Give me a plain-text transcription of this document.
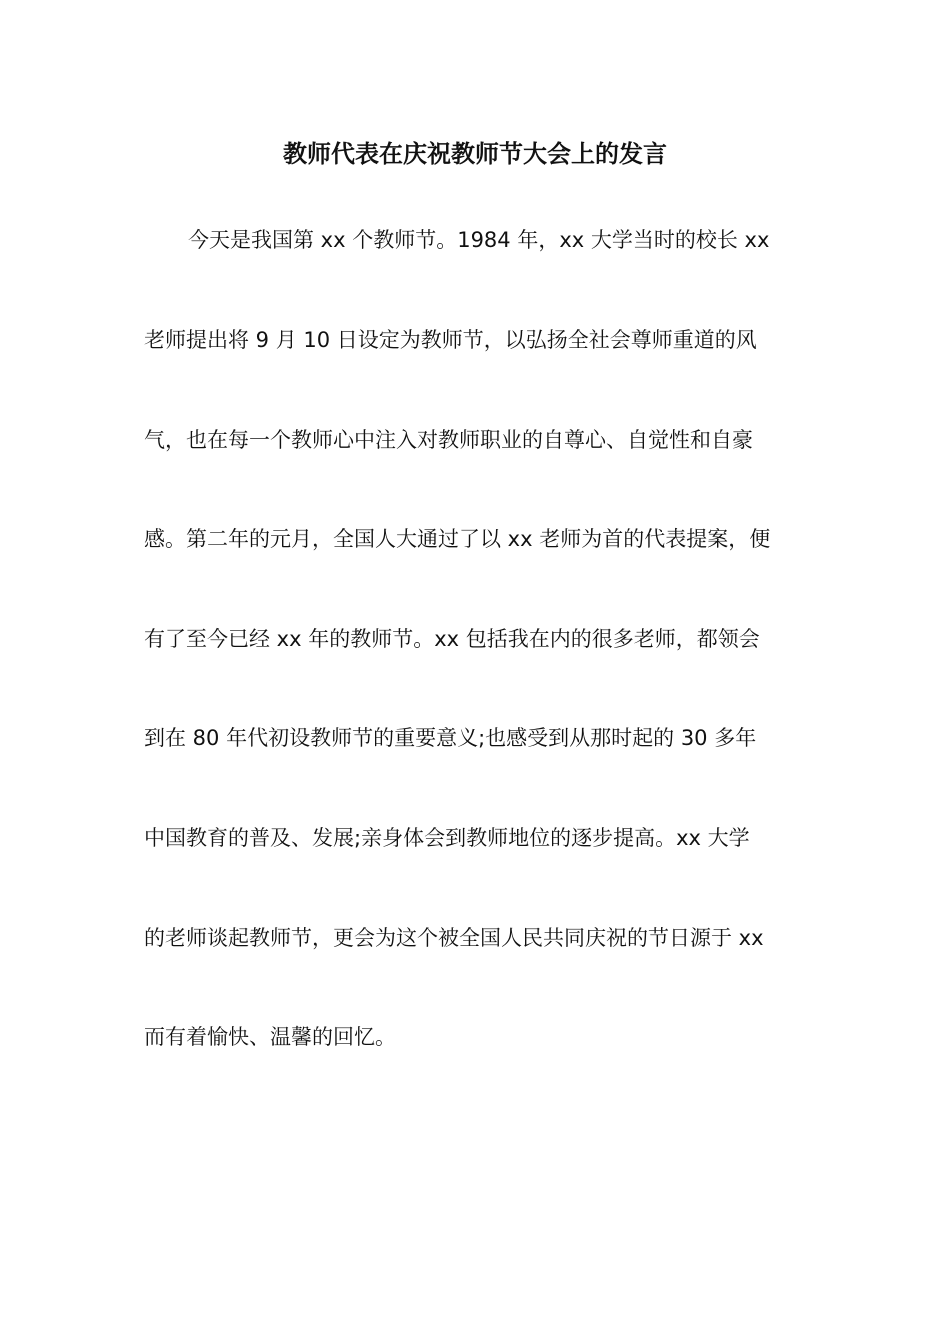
教师代表在庆祝教师节大会上的发言
今天是我国第 xx 个教师节。1984 年，xx 大学当时的校长 xx
老师提出将 9 月 10 日设定为教师节，以弘扬全社会尊师重道的风
气，也在每一个教师心中注入对教师职业的自尊心、自觉性和自豪
感。第二年的元月，全国人大通过了以 xx 老师为首的代表提案，便
有了至今已经 xx 年的教师节。xx 包括我在内的很多老师，都领会
到在 80 年代初设教师节的重要意义;也感受到从那时起的 30 多年
中国教育的普及、发展;亲身体会到教师地位的逐步提高。xx 大学
的老师谈起教师节，更会为这个被全国人民共同庆祝的节日源于 xx
而有着愉快、温馨的回忆。
